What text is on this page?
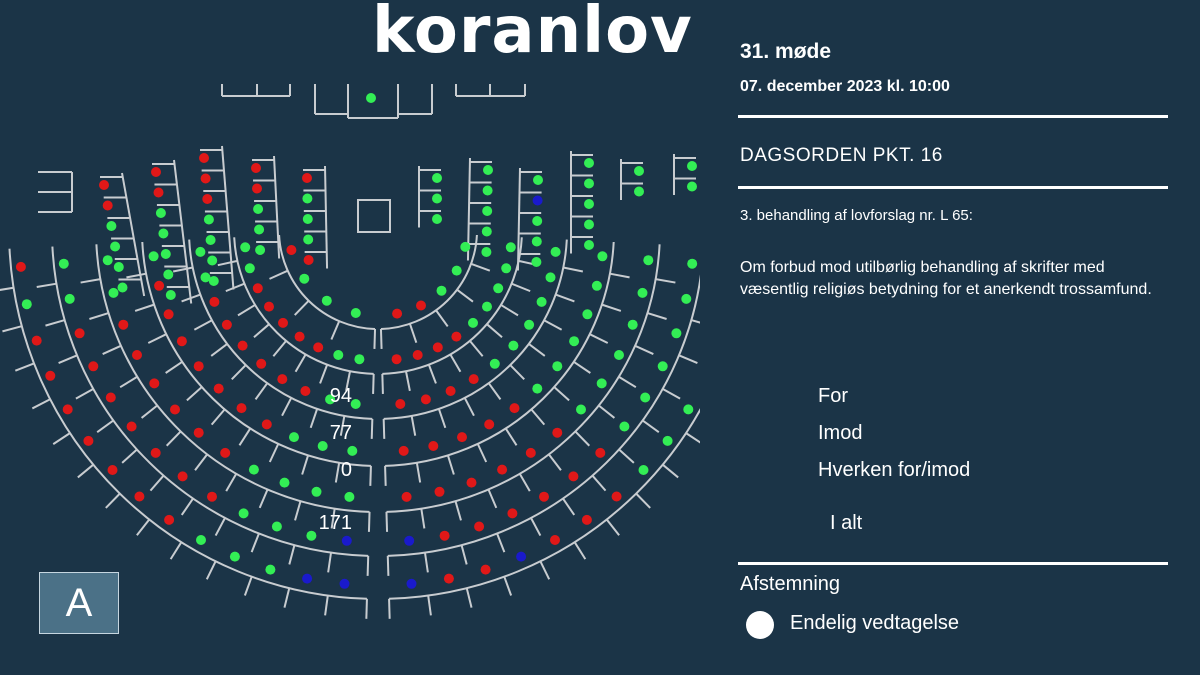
koranlov 31. møde
07. december 2023 kl. 10:00
DAGSORDEN PKT. 16
3. behandling af lovforslag nr. L 65:
Om forbud mod utilbørlig behandling af skrifter med væsentlig religiøs betydning for et anerkendt trossamfund.
94	For
77	Imod
0	Hverken for/imod
171	I alt
Afstemning
Endelig vedtagelse
A
